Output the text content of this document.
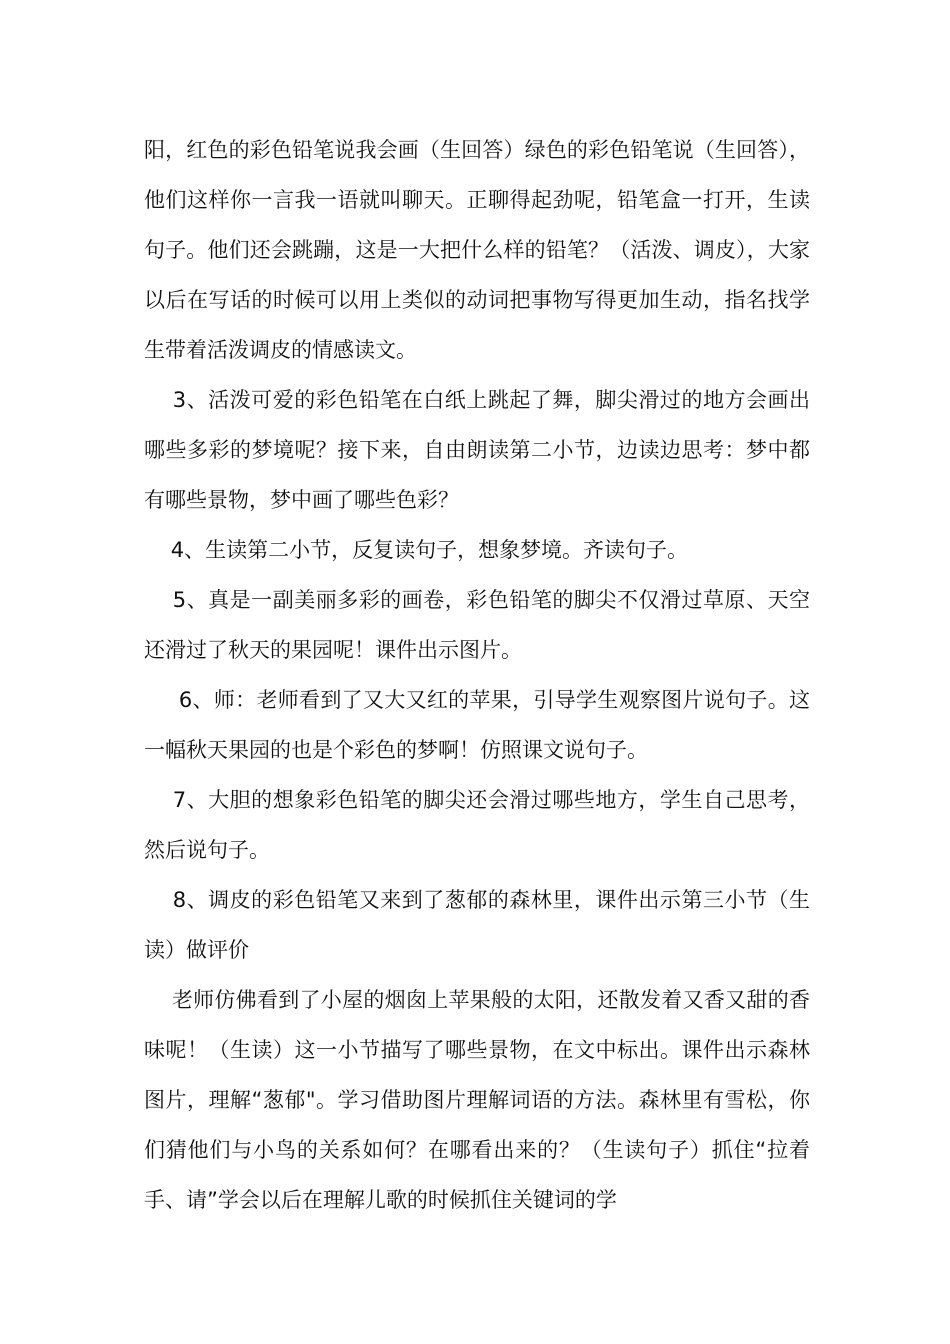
阳，红色的彩色铅笔说我会画（生回答）绿色的彩色铅笔说（生回答），他们这样你一言我一语就叫聊天。正聊得起劲呢，铅笔盒一打开，生读句子。他们还会跳蹦，这是一大把什么样的铅笔？（活泼、调皮），大家以后在写话的时候可以用上类似的动词把事物写得更加生动，指名找学生带着活泼调皮的情感读文。

3、活泼可爱的彩色铅笔在白纸上跳起了舞，脚尖滑过的地方会画出哪些多彩的梦境呢？接下来，自由朗读第二小节，边读边思考：梦中都有哪些景物，梦中画了哪些色彩？

4、生读第二小节，反复读句子，想象梦境。齐读句子。

5、真是一副美丽多彩的画卷，彩色铅笔的脚尖不仅滑过草原、天空还滑过了秋天的果园呢！课件出示图片。

6、师：老师看到了又大又红的苹果，引导学生观察图片说句子。这一幅秋天果园的也是个彩色的梦啊！仿照课文说句子。

7、大胆的想象彩色铅笔的脚尖还会滑过哪些地方，学生自己思考，然后说句子。

8、调皮的彩色铅笔又来到了葱郁的森林里，课件出示第三小节（生读）做评价

老师仿佛看到了小屋的烟囱上苹果般的太阳，还散发着又香又甜的香味呢！（生读）这一小节描写了哪些景物，在文中标出。课件出示森林图片，理解“葱郁"。学习借助图片理解词语的方法。森林里有雪松，你们猜他们与小鸟的关系如何？在哪看出来的？（生读句子）抓住“拉着手、请”学会以后在理解儿歌的时候抓住关键词的学
